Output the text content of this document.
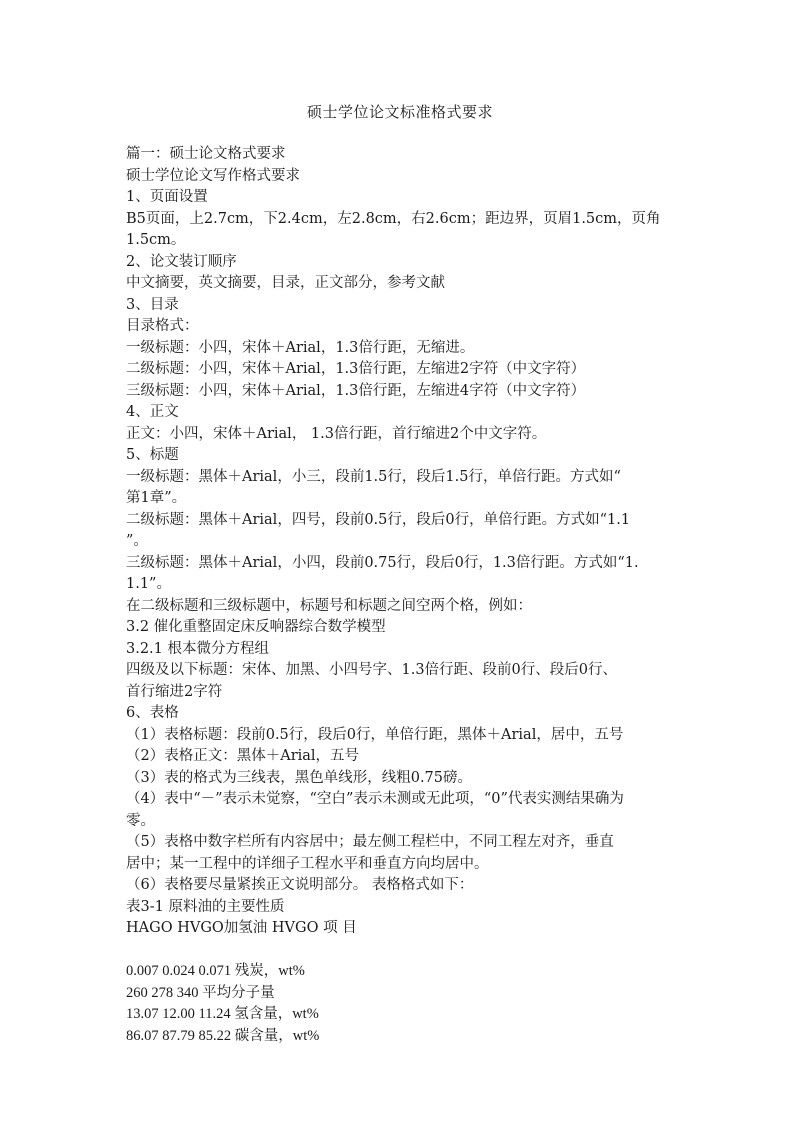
硕士学位论文标准格式要求
篇一：硕士论文格式要求
硕士学位论文写作格式要求
1、页面设置
B5页面，上2.7cm，下2.4cm，左2.8cm，右2.6cm；距边界，页眉1.5cm，页角
1.5cm。
2、论文装订顺序
中文摘要，英文摘要，目录，正文部分，参考文献
3、目录
目录格式：
一级标题：小四，宋体＋Arial，1.3倍行距，无缩进。
二级标题：小四，宋体＋Arial，1.3倍行距，左缩进2字符（中文字符）
三级标题：小四，宋体＋Arial，1.3倍行距，左缩进4字符（中文字符）
4、正文
正文：小四，宋体＋Arial， 1.3倍行距，首行缩进2个中文字符。
5、标题
一级标题：黑体＋Arial，小三，段前1.5行，段后1.5行，单倍行距。方式如“
第1章”。
二级标题：黑体＋Arial，四号，段前0.5行，段后0行，单倍行距。方式如“1.1
”。
三级标题：黑体＋Arial，小四，段前0.75行，段后0行，1.3倍行距。方式如“1.
1.1”。
在二级标题和三级标题中，标题号和标题之间空两个格，例如：
3.2 催化重整固定床反响器综合数学模型
3.2.1 根本微分方程组
四级及以下标题：宋体、加黑、小四号字、1.3倍行距、段前0行、段后0行、
首行缩进2字符
6、表格
（1）表格标题：段前0.5行，段后0行，单倍行距，黑体＋Arial，居中，五号
（2）表格正文：黑体＋Arial，五号
（3）表的格式为三线表，黑色单线形，线粗0.75磅。
（4）表中“－”表示未觉察，“空白”表示未测或无此项，“0”代表实测结果确为
零。
（5）表格中数字栏所有内容居中；最左侧工程栏中，不同工程左对齐，垂直
居中；某一工程中的详细子工程水平和垂直方向均居中。
（6）表格要尽量紧挨正文说明部分。 表格格式如下：
表3-1 原料油的主要性质
HAGO HVGO加氢油 HVGO 项 目
0.007 0.024 0.071 残炭，wt%
260 278 340 平均分子量
13.07 12.00 11.24 氢含量，wt%
86.07 87.79 85.22 碳含量，wt%
